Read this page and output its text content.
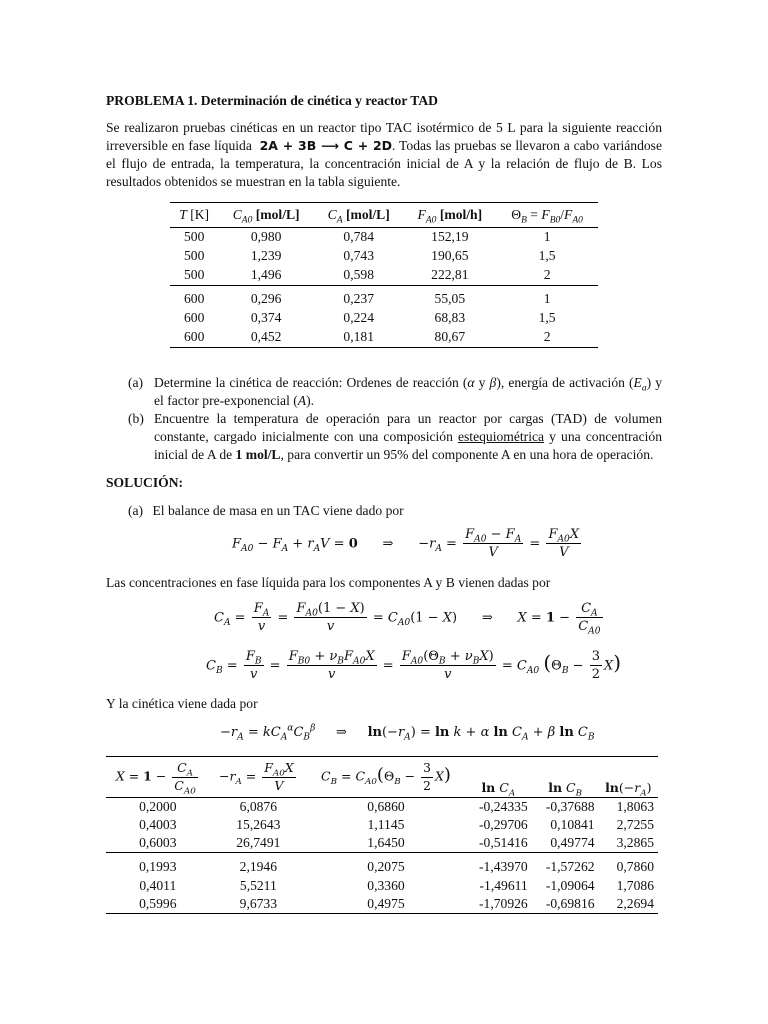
PROBLEMA 1. Determinación de cinética y reactor TAD

Se realizaron pruebas cinéticas en un reactor tipo TAC isotérmico de 5 L para la siguiente reacción irreversible en fase líquida 2A + 3B ⟶ C + 2D. Todas las pruebas se llevaron a cabo variándose el flujo de entrada, la temperatura, la concentración inicial de A y la relación de flujo de B. Los resultados obtenidos se muestran en la tabla siguiente.

T [K]	$C_{A0}$ [mol/L]	$C_A$ [mol/L]	$F_{A0}$ [mol/h]	$\Theta_B = F_{B0}/F_{A0}$
500	0,980	0,784	152,19	1
500	1,239	0,743	190,65	1,5
500	1,496	0,598	222,81	2
600	0,296	0,237	55,05	1
600	0,374	0,224	68,83	1,5
600	0,452	0,181	80,67	2
(a) Determine la cinética de reacción: Ordenes de reacción (α y β), energía de activación $(E_a)$ y el factor pre-exponencial (A).
(b) Encuentre la temperatura de operación para un reactor por cargas (TAD) de volumen constante, cargado inicialmente con una composición estequiométrica y una concentración inicial de A de 1 mol/L, para convertir un 95% del componente A en una hora de operación.
SOLUCIÓN:
(a) El balance de masa en un TAC viene dado por
$F_{A0} - F_A + r_AV = 0$      ⇒      $-r_A = \frac{F_{A0} - F_A}{V} = \frac{F_{A0}X}{V}$
Las concentraciones en fase líquida para los componentes A y B vienen dadas por
$C_A = \frac{F_A}{v} = \frac{F_{A0}(1 - X)}{v} = C_{A0}(1 - X)$      ⇒      $X = 1 - \frac{C_A}{C_{A0}}$
$C_B = \frac{F_B}{v} = \frac{F_{B0} + \nu_BF_{A0}X}{v} = \frac{F_{A0}(\Theta_B + \nu_BX)}{v} = C_{A0}$ $(\Theta_B - \frac{3}{2} X)$
Y la cinética viene dada por
$-r_A = kC_A^\alpha C_B^\beta$     ⇒     $\ln(-r_A) = \ln k + \alpha$ $\ln C_A + \beta$ $\ln C_B$
$X = 1 - \frac{C_A}{C_{A0}}$	$-r_A = \frac{F_{A0}X}{V}$	$C_B = C_{A0}(\Theta_B - \frac{3}{2} X)$	$\ln C_A$	$\ln C_B$	$\ln(-r_A)$
0,2000	6,0876	0,6860	-0,24335	-0,37688	1,8063
0,4003	15,2643	1,1145	-0,29706	0,10841	2,7255
0,6003	26,7491	1,6450	-0,51416	0,49774	3,2865
0,1993	2,1946	0,2075	-1,43970	-1,57262	0,7860
0,4011	5,5211	0,3360	-1,49611	-1,09064	1,7086
0,5996	9,6733	0,4975	-1,70926	-0,69816	2,2694
